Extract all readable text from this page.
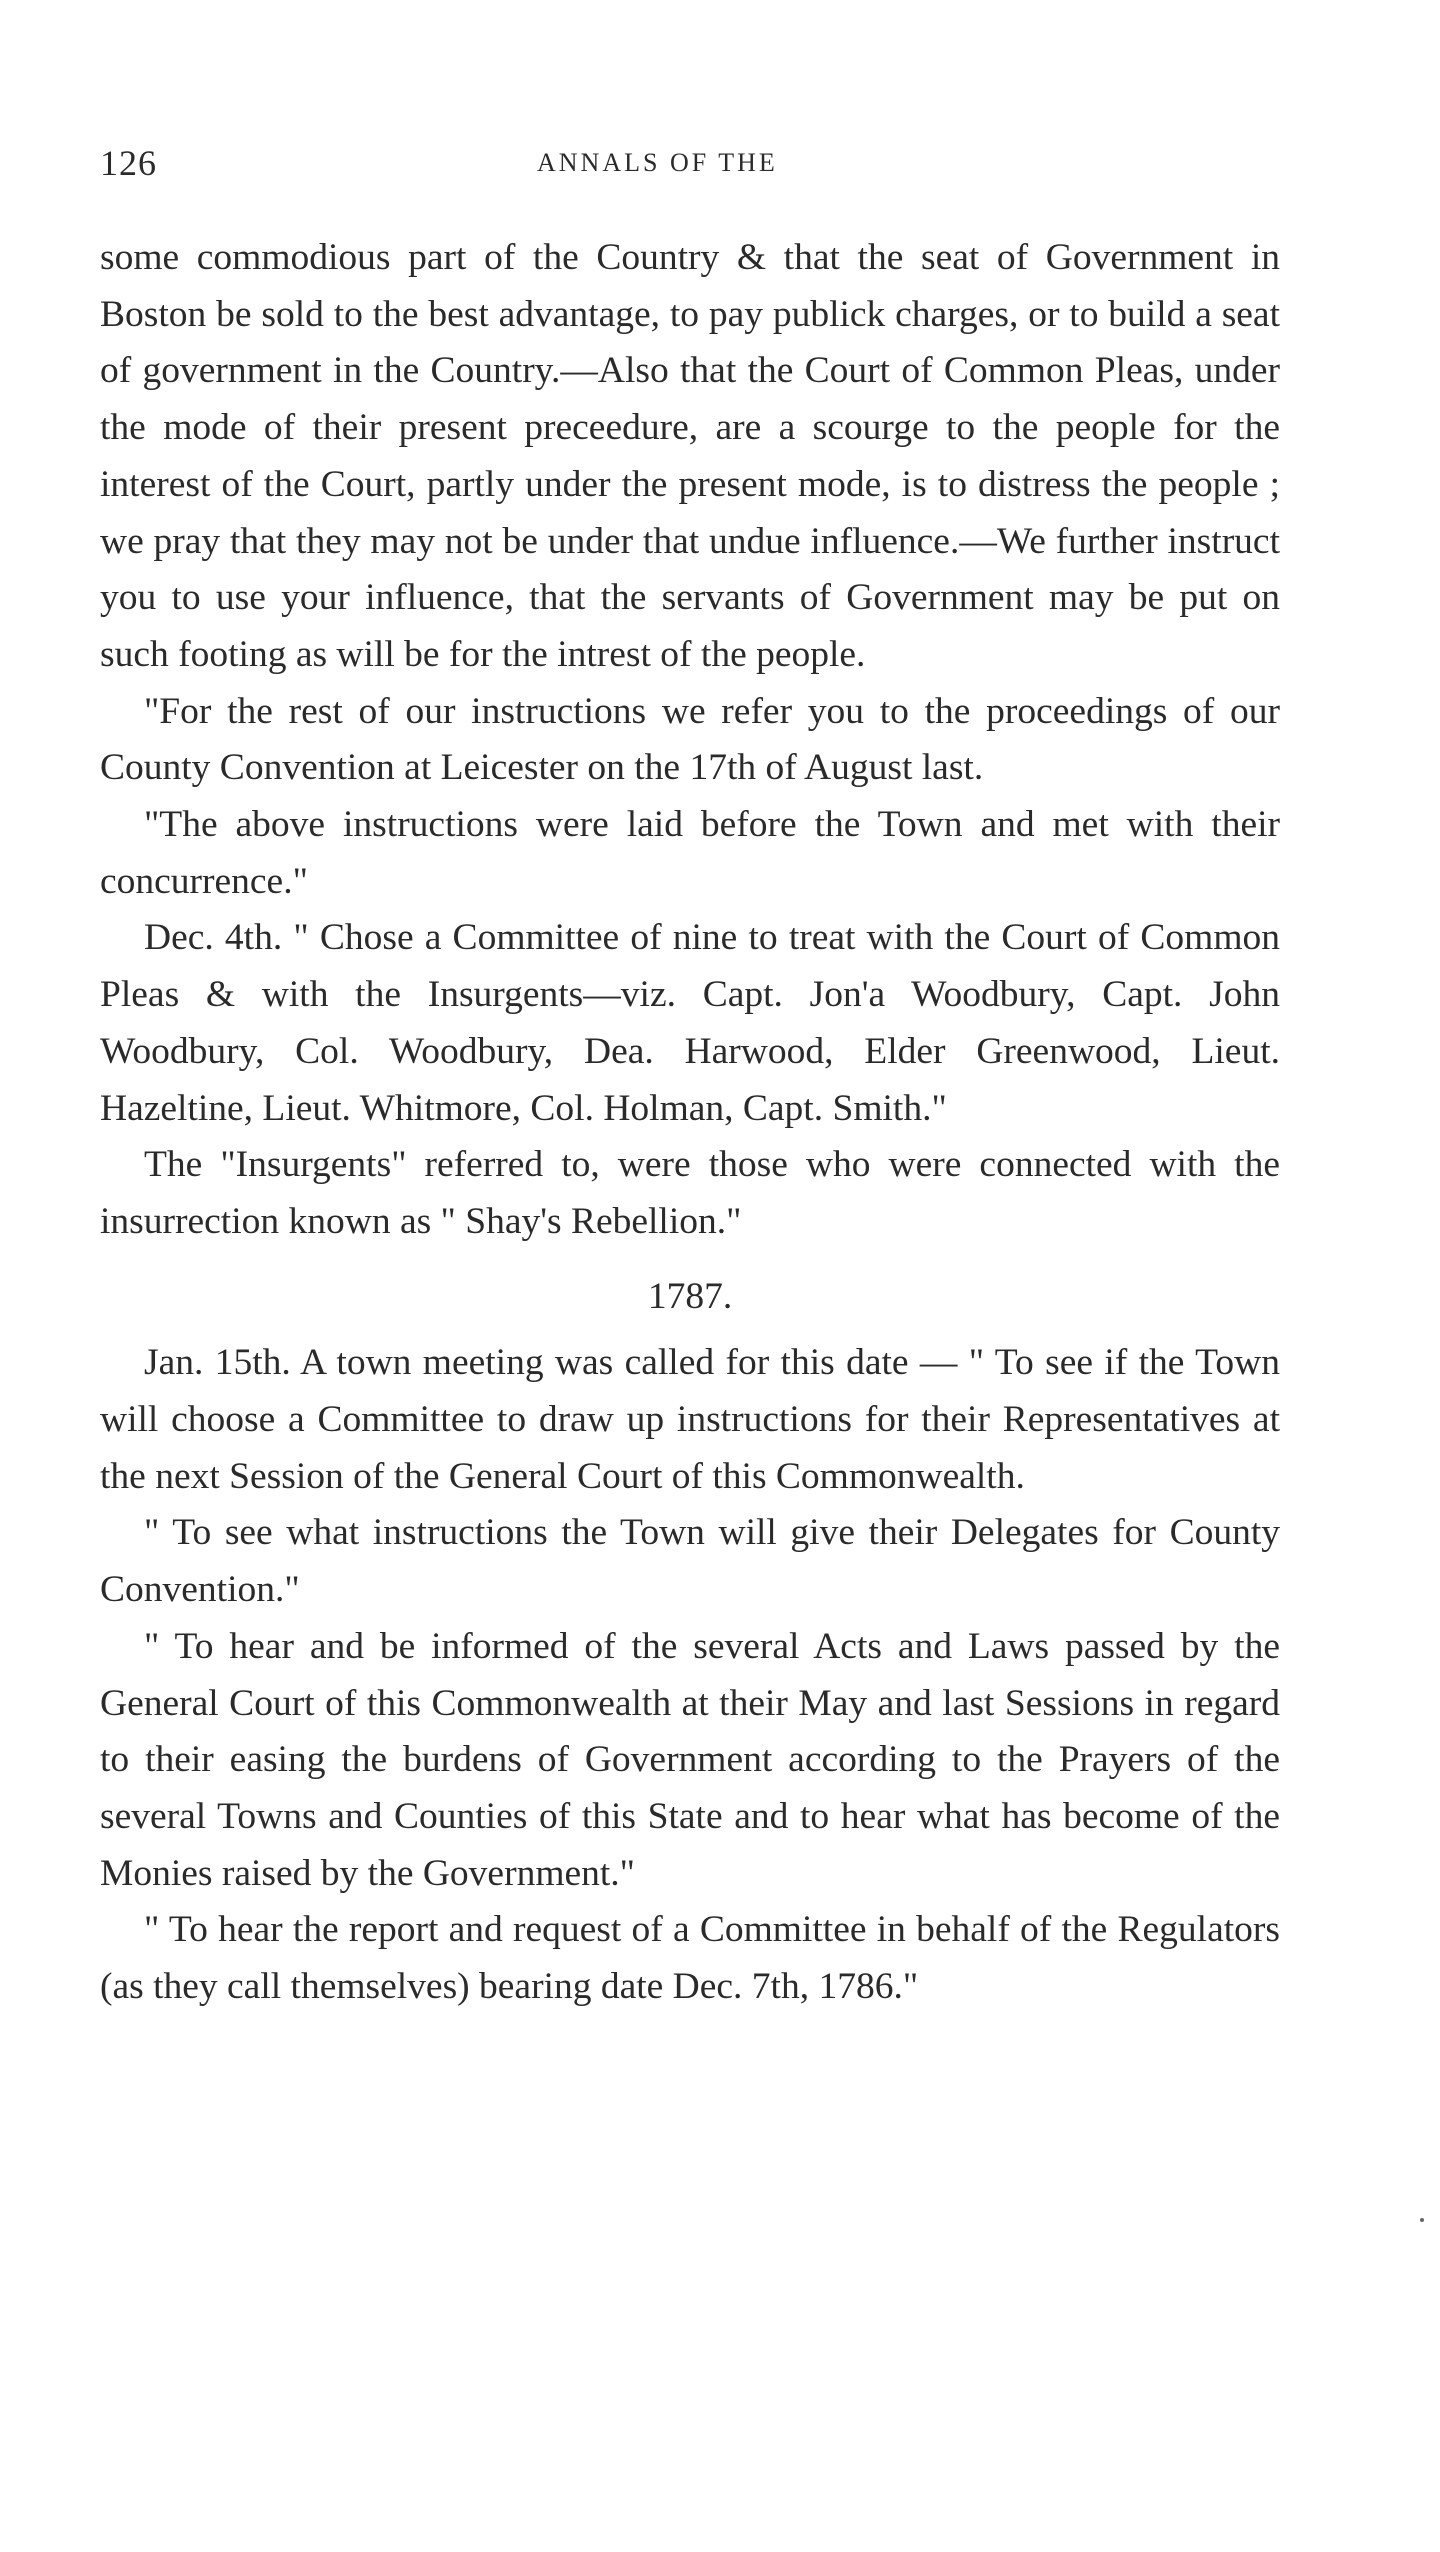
126	ANNALS OF THE

some commodious part of the Country & that the seat of Government in Boston be sold to the best advantage, to pay publick charges, or to build a seat of government in the Country.—Also that the Court of Common Pleas, under the mode of their present preceedure, are a scourge to the people for the interest of the Court, partly under the present mode, is to distress the people ; we pray that they may not be under that undue influence.—We further instruct you to use your influence, that the servants of Government may be put on such footing as will be for the intrest of the people.

"For the rest of our instructions we refer you to the proceedings of our County Convention at Leicester on the 17th of August last.

"The above instructions were laid before the Town and met with their concurrence."

Dec. 4th. " Chose a Committee of nine to treat with the Court of Common Pleas & with the Insurgents—viz. Capt. Jon'a Woodbury, Capt. John Woodbury, Col. Woodbury, Dea. Harwood, Elder Greenwood, Lieut. Hazeltine, Lieut. Whitmore, Col. Holman, Capt. Smith."

The "Insurgents" referred to, were those who were connected with the insurrection known as " Shay's Rebellion."

1787.

Jan. 15th. A town meeting was called for this date — " To see if the Town will choose a Committee to draw up instructions for their Representatives at the next Session of the General Court of this Commonwealth.

" To see what instructions the Town will give their Delegates for County Convention."

" To hear and be informed of the several Acts and Laws passed by the General Court of this Commonwealth at their May and last Sessions in regard to their easing the burdens of Government according to the Prayers of the several Towns and Counties of this State and to hear what has become of the Monies raised by the Government."

" To hear the report and request of a Committee in behalf of the Regulators (as they call themselves) bearing date Dec. 7th, 1786."
